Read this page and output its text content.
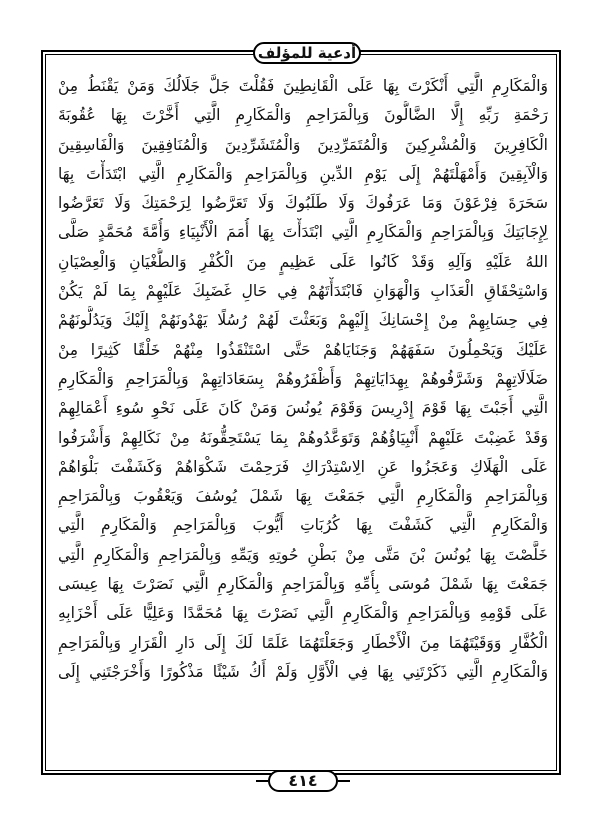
أدعية للمؤلف
وَالْمَكَارِمِ الَّتِي أَنْكَرْتَ بِهَا عَلَى الْقَانِطِينَ فَقُلْتَ جَلَّ جَلَالُكَ وَمَنْ يَقْنَطُ مِنْ
رَحْمَةِ رَبِّهِ إِلَّا الضَّالُّونَ وَبِالْمَرَاحِمِ وَالْمَكَارِمِ الَّتِي أَخَّرْتَ بِهَا عُقُوبَةَ
الْكَافِرِينَ وَالْمُشْرِكِينَ وَالْمُتَمَرِّدِينَ وَالْمُتَشَرِّدِينَ وَالْمُنَافِقِينَ وَالْفَاسِقِينَ
وَالْآبِقِينَ وَأَمْهَلْتَهُمْ إِلَى يَوْمِ الدِّينِ وَبِالْمَرَاحِمِ وَالْمَكَارِمِ الَّتِي ابْتَدَأْتَ بِهَا
سَحَرَةَ فِرْعَوْنَ وَمَا عَرَفُوكَ وَلَا طَلَبُوكَ وَلَا تَعَرَّضُوا لِرَحْمَتِكَ وَلَا تَعَرَّضُوا
لِإِجَابَتِكَ وَبِالْمَرَاحِمِ وَالْمَكَارِمِ الَّتِي ابْتَدَأْتَ بِهَا أُمَمَ الْأَنْبِيَاءِ وَأُمَّةَ مُحَمَّدٍ صَلَّى
اللهُ عَلَيْهِ وَآلِهِ وَقَدْ كَانُوا عَلَى عَظِيمٍ مِنَ الْكُفْرِ وَالطُّغْيَانِ وَالْعِصْيَانِ
وَاسْتِحْقَاقِ الْعَذَابِ وَالْهَوَانِ فَابْتَدَأْتَهُمْ فِي حَالِ غَضَبِكَ عَلَيْهِمْ بِمَا لَمْ يَكُنْ
فِي حِسَابِهِمْ مِنْ إِحْسَانِكَ إِلَيْهِمْ وَبَعَثْتَ لَهُمْ رُسُلًا يَهْدُونَهُمْ إِلَيْكَ وَيَدُلُّونَهُمْ
عَلَيْكَ وَيَحْمِلُونَ سَفَهَهُمْ وَجَنَايَاهُمْ حَتَّى اسْتَنْقَذُوا مِنْهُمْ خَلْقًا كَثِيرًا مِنْ
ضَلَالَاتِهِمْ وَشَرَّفُوهُمْ بِهِدَايَاتِهِمْ وَأَظْفَرُوهُمْ بِسَعَادَاتِهِمْ وَبِالْمَرَاحِمِ وَالْمَكَارِمِ
الَّتِي أَجَبْتَ بِهَا قَوْمَ إِدْرِيسَ وَقَوْمَ يُونُسَ وَمَنْ كَانَ عَلَى نَحْوِ سُوءِ أَعْمَالِهِمْ
وَقَدْ غَضِبْتَ عَلَيْهِمْ أَنْبِيَاؤُهُمْ وَتَوَعَّدُوهُمْ بِمَا يَسْتَحِقُّونَهُ مِنْ نَكَالِهِمْ وَأَشْرَفُوا
عَلَى الْهَلَاكِ وَعَجَزُوا عَنِ الِاسْتِدْرَاكِ فَرَحِمْتَ شَكْوَاهُمْ وَكَشَفْتَ بَلْوَاهُمْ
وَبِالْمَرَاحِمِ وَالْمَكَارِمِ الَّتِي جَمَعْتَ بِهَا شَمْلَ يُوسُفَ وَيَعْقُوبَ وَبِالْمَرَاحِمِ
وَالْمَكَارِمِ الَّتِي كَشَفْتَ بِهَا كُرُبَاتِ أَيُّوبَ وَبِالْمَرَاحِمِ وَالْمَكَارِمِ الَّتِي
خَلَّصْتَ بِهَا يُونُسَ بْنَ مَتَّى مِنْ بَطْنِ حُوتِهِ وَيَمِّهِ وَبِالْمَرَاحِمِ وَالْمَكَارِمِ الَّتِي
جَمَعْتَ بِهَا شَمْلَ مُوسَى بِأُمِّهِ وَبِالْمَرَاحِمِ وَالْمَكَارِمِ الَّتِي نَصَرْتَ بِهَا عِيسَى
عَلَى قَوْمِهِ وَبِالْمَرَاحِمِ وَالْمَكَارِمِ الَّتِي نَصَرْتَ بِهَا مُحَمَّدًا وَعَلِيًّا عَلَى أَحْزَابِهِ
الْكُفَّارِ وَوَقَيْتَهُمَا مِنَ الْأَخْطَارِ وَجَعَلْتَهُمَا عَلَمًا لَكَ إِلَى دَارِ الْقَرَارِ وَبِالْمَرَاحِمِ
وَالْمَكَارِمِ الَّتِي ذَكَرْتَنِي بِهَا فِي الْأَوَّلِ وَلَمْ أَكُ شَيْئًا مَذْكُورًا وَأَخْرَجْتَنِي إِلَى
٤١٤
